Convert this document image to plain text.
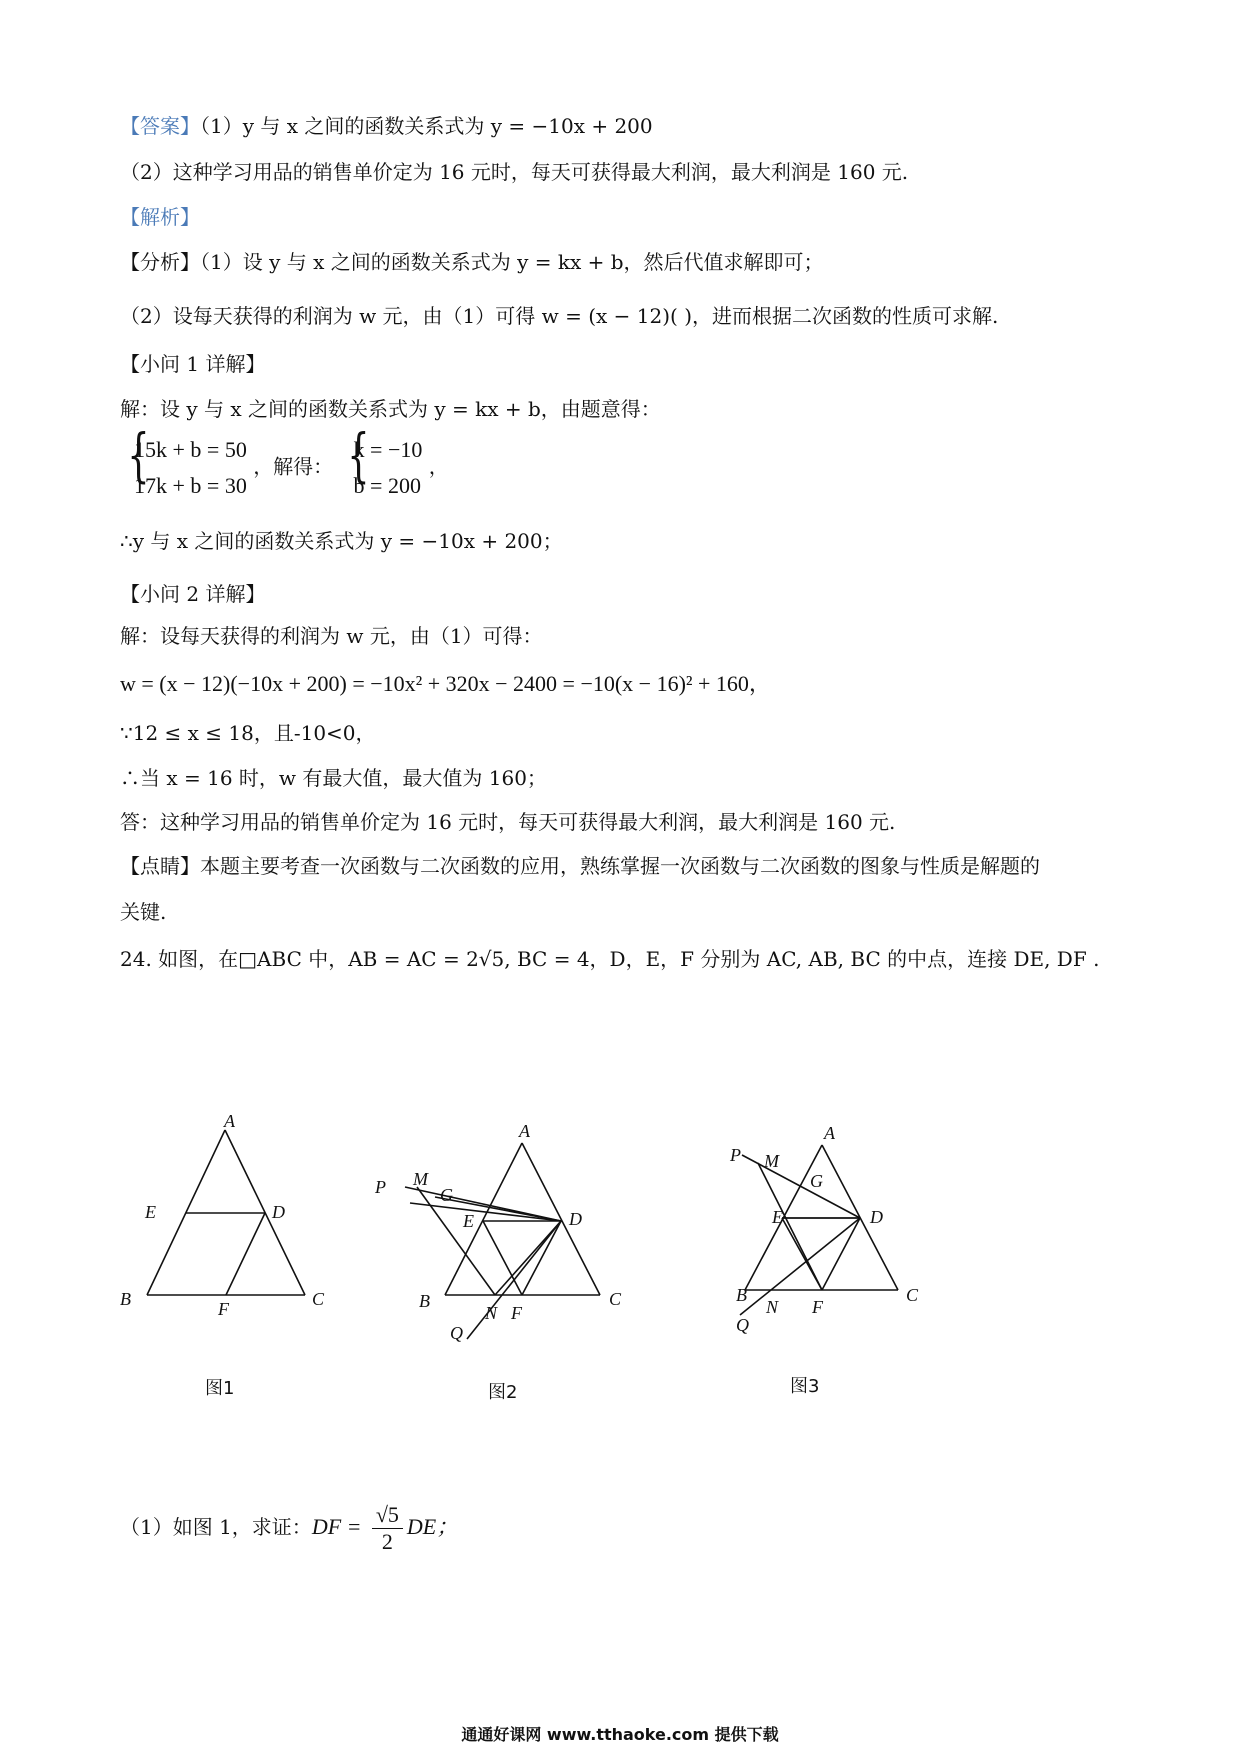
【答案】（1）y 与 x 之间的函数关系式为 y = −10x + 200
（2）这种学习用品的销售单价定为 16 元时，每天可获得最大利润，最大利润是 160 元.
【解析】
【分析】（1）设 y 与 x 之间的函数关系式为 y = kx + b，然后代值求解即可；
（2）设每天获得的利润为 w 元，由（1）可得 w = (x − 12)( )，进而根据二次函数的性质可求解.
【小问 1 详解】
解：设 y 与 x 之间的函数关系式为 y = kx + b，由题意得：
{
15k + b = 50
17k + b = 30
，解得： {
k = −10
b = 200
，
∴y 与 x 之间的函数关系式为 y = −10x + 200；
【小问 2 详解】
解：设每天获得的利润为 w 元，由（1）可得：
w = (x − 12)(−10x + 200) = −10x² + 320x − 2400 = −10(x − 16)² + 160，
∵12 ≤ x ≤ 18，且-10<0，
∴当 x = 16 时，w 有最大值，最大值为 160；
答：这种学习用品的销售单价定为 16 元时，每天可获得最大利润，最大利润是 160 元.
【点睛】本题主要考查一次函数与二次函数的应用，熟练掌握一次函数与二次函数的图象与性质是解题的
关键.
24. 如图，在□ABC 中，AB = AC = 2√5, BC = 4，D，E，F 分别为 AC, AB, BC 的中点，连接 DE, DF .
A
E	D
B	F	C
图1
A
P M
G
E	D
B	C
N F
Q
图2
A
P M
G
E	D
B	C
N F
Q
图3
（1）如图 1，求证：DF = $\frac{√5}{2}$ DE；
通通好课网 www.tthaoke.com 提供下载
